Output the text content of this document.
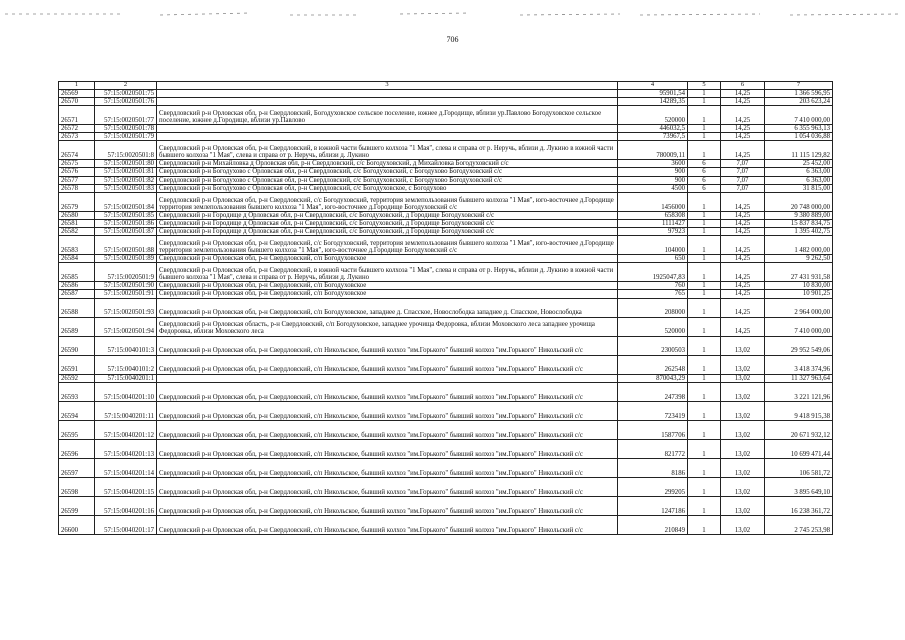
706
1	2	3	4	5	6	7
26569	57:15:0020501:75		95901,54	1	14,25	1 366 596,95
26570	57:15:0020501:76		14289,35	1	14,25	203 623,24
26571	57:15:0020501:77	Свердловский р-н Орловская обл, р-н Свердловский, Богодуховское сельское поселение, южнее д.Городище, вблизи ур.Павлово Богодуховское сельское поселение, южнее д.Городище, вблизи ур.Павлово	520000	1	14,25	7 410 000,00
26572	57:15:0020501:78		446032,5	1	14,25	6 355 963,13
26573	57:15:0020501:79		73967,5	1	14,25	1 054 036,88
26574	57:15:0020501:8	Свердловский р-н Орловская обл, р-н Свердловский, в южной части бывшего колхоза "1 Мая", слева и справа от р. Неручь, вблизи д. Лукино в южной части бывшего колхоза "1 Мая", слева и справа от р. Неручь, вблизи д. Лукино	780009,11	1	14,25	11 115 129,82
26575	57:15:0020501:80	Свердловский р-н Михайловка д Орловская обл, р-н Свердловский, с/с Богодуховский, д Михайловка Богодуховский с/с	3600	6	7,07	25 452,00
26576	57:15:0020501:81	Свердловский р-н Богодухово с Орловская обл, р-н Свердловский, с/с Богодуховский, с Богодухово Богодуховский с/с	900	6	7,07	6 363,00
26577	57:15:0020501:82	Свердловский р-н Богодухово с Орловская обл, р-н Свердловский, с/с Богодуховский, с Богодухово Богодуховский с/с	900	6	7,07	6 363,00
26578	57:15:0020501:83	Свердловский р-н Богодухово с Орловская обл, р-н Свердловский, с/с Богодуховское, с Богодухово	4500	6	7,07	31 815,00
26579	57:15:0020501:84	Свердловский р-н Орловская обл, р-н Свердловский, с/с Богодуховский, территория землепользования бывшего колхоза "1 Мая", юго-восточнее д.Городище территория землепользования бывшего колхоза "1 Мая", юго-восточнее д.Городище Богодуховский с/с	1456000	1	14,25	20 748 000,00
26580	57:15:0020501:85	Свердловский р-н Городище д Орловская обл, р-н Свердловский, с/с Богодуховский, д Городище Богодуховский с/с	658308	1	14,25	9 380 889,00
26581	57:15:0020501:86	Свердловский р-н Городище д Орловская обл, р-н Свердловский, с/с Богодуховский, д Городище Богодуховский с/с	1111427	1	14,25	15 837 834,75
26582	57:15:0020501:87	Свердловский р-н Городище д Орловская обл, р-н Свердловский, с/с Богодуховский, д Городище Богодуховский с/с	97923	1	14,25	1 395 402,75
26583	57:15:0020501:88	Свердловский р-н Орловская обл, р-н Свердловский, с/с Богодуховский, территория землепользования бывшего колхоза "1 Мая", юго-восточнее д.Городище территория землепользования бывшего колхоза "1 Мая", юго-восточнее д.Городище Богодуховский с/с	104000	1	14,25	1 482 000,00
26584	57:15:0020501:89	Свердловский р-н Орловская обл, р-н Свердловский, с/п Богодуховское	650	1	14,25	9 262,50
26585	57:15:0020501:9	Свердловский р-н Орловская обл, р-н Свердловский, в южной части бывшего колхоза "1 Мая", слева и справа от р. Неручь, вблизи д. Лукино в южной части бывшего колхоза "1 Мая", слева и справа от р. Неручь, вблизи д. Лукино	1925047,83	1	14,25	27 431 931,58
26586	57:15:0020501:90	Свердловский р-н Орловская обл, р-н Свердловский, с/п Богодуховское	760	1	14,25	10 830,00
26587	57:15:0020501:91	Свердловский р-н Орловская обл, р-н Свердловский, с/п Богодуховское	765	1	14,25	10 901,25
26588	57:15:0020501:93	Свердловский р-н Орловская обл, р-н Свердловский, с/п Богодуховское, западнее д. Спасское, Новослободка западнее д. Спасское, Новослободка	208000	1	14,25	2 964 000,00
26589	57:15:0020501:94	Свердловский р-н Орловская область, р-н Свердловский, с/п Богодуховское, западнее урочища Федоровка, вблизи Моховского леса западнее урочища Федоровка, вблизи Моховского леса	520000	1	14,25	7 410 000,00
26590	57:15:0040101:3	Свердловский р-н Орловская обл, р-н Свердловский, с/п Никольское, бывший колхоз "им.Горького" бывший колхоз "им.Горького" Никольский с/с	2300503	1	13,02	29 952 549,06
26591	57:15:0040101:2	Свердловский р-н Орловская обл, р-н Свердловский, с/п Никольское, бывший колхоз "им.Горького" бывший колхоз "им.Горького" Никольский с/с	262548	1	13,02	3 418 374,96
26592	57:15:0040201:1		870043,29	1	13,02	11 327 963,64
26593	57:15:0040201:10	Свердловский р-н Орловская обл, р-н Свердловский, с/п Никольское, бывший колхоз "им.Горького" бывший колхоз "им.Горького" Никольский с/с	247398	1	13,02	3 221 121,96
26594	57:15:0040201:11	Свердловский р-н Орловская обл, р-н Свердловский, с/п Никольское, бывший колхоз "им.Горького" бывший колхоз "им.Горького" Никольский с/с	723419	1	13,02	9 418 915,38
26595	57:15:0040201:12	Свердловский р-н Орловская обл, р-н Свердловский, с/п Никольское, бывший колхоз "им.Горького" бывший колхоз "им.Горького" Никольский с/с	1587706	1	13,02	20 671 932,12
26596	57:15:0040201:13	Свердловский р-н Орловская обл, р-н Свердловский, с/п Никольское, бывший колхоз "им.Горького" бывший колхоз "им.Горького" Никольский с/с	821772	1	13,02	10 699 471,44
26597	57:15:0040201:14	Свердловский р-н Орловская обл, р-н Свердловский, с/п Никольское, бывший колхоз "им.Горького" бывший колхоз "им.Горького" Никольский с/с	8186	1	13,02	106 581,72
26598	57:15:0040201:15	Свердловский р-н Орловская обл, р-н Свердловский, с/п Никольское, бывший колхоз "им.Горького" бывший колхоз "им.Горького" Никольский с/с	299205	1	13,02	3 895 649,10
26599	57:15:0040201:16	Свердловский р-н Орловская обл, р-н Свердловский, с/п Никольское, бывший колхоз "им.Горького" бывший колхоз "им.Горького" Никольский с/с	1247186	1	13,02	16 238 361,72
26600	57:15:0040201:17	Свердловский р-н Орловская обл, р-н Свердловский, с/п Никольское, бывший колхоз "им.Горького" бывший колхоз "им.Горького" Никольский с/с	210849	1	13,02	2 745 253,98
